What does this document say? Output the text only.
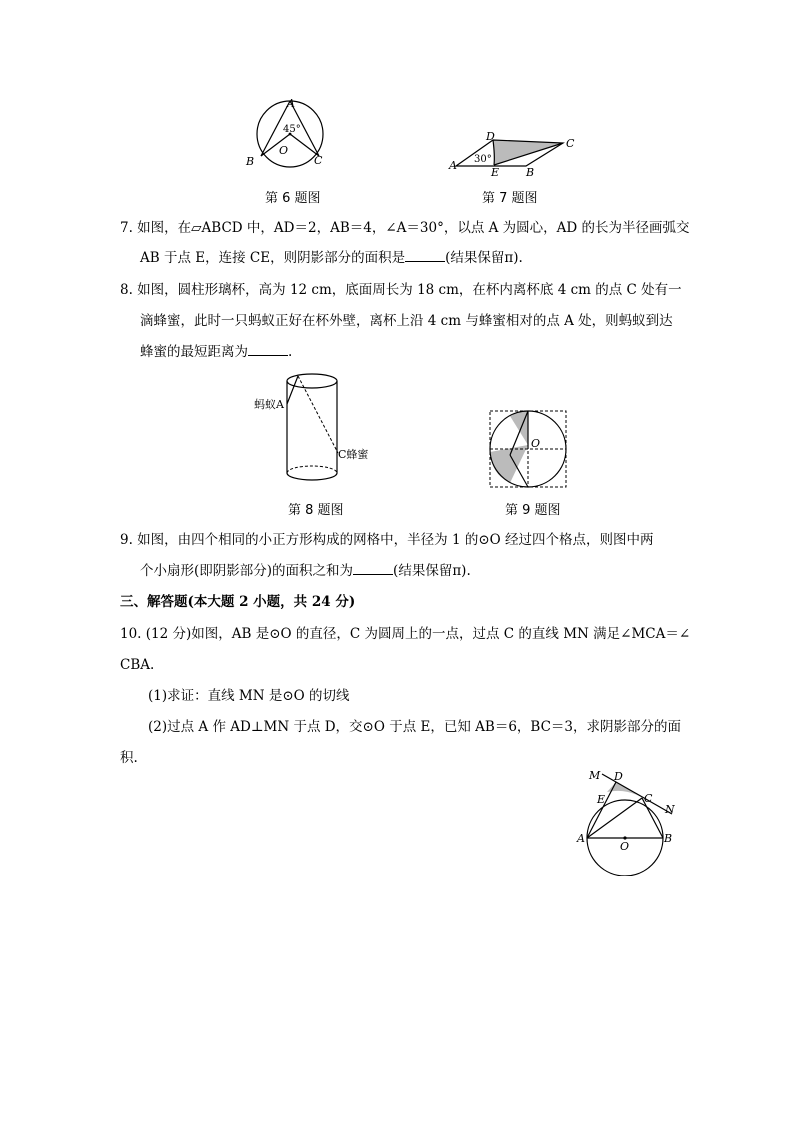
A
45°
O
B	C
第 6 题图
D
C
A 30°
E B
第 7 题图
7. 如图，在▱ABCD 中，AD＝2，AB＝4，∠A＝30°，以点 A 为圆心，AD 的长为半径画弧交
AB 于点 E，连接 CE，则阴影部分的面积是	(结果保留π).
8. 如图，圆柱形璃杯，高为 12 cm，底面周长为 18 cm，在杯内离杯底 4 cm 的点 C 处有一
滴蜂蜜，此时一只蚂蚁正好在杯外壁，离杯上沿 4 cm 与蜂蜜相对的点 A 处，则蚂蚁到达
蜂蜜的最短距离为	.
蚂蚁A
C蜂蜜
第 8 题图
O
第 9 题图
9. 如图，由四个相同的小正方形构成的网格中，半径为 1 的⊙O 经过四个格点，则图中两
个小扇形(即阴影部分)的面积之和为	(结果保留π).
三、解答题(本大题 2 小题，共 24 分)
10. (12 分)如图，AB 是⊙O 的直径，C 为圆周上的一点，过点 C 的直线 MN 满足∠MCA＝∠
CBA.
(1)求证：直线 MN 是⊙O 的切线
(2)过点 A 作 AD⊥MN 于点 D，交⊙O 于点 E，已知 AB＝6，BC＝3，求阴影部分的面
积.
M D
E	C
N
A
O
B
